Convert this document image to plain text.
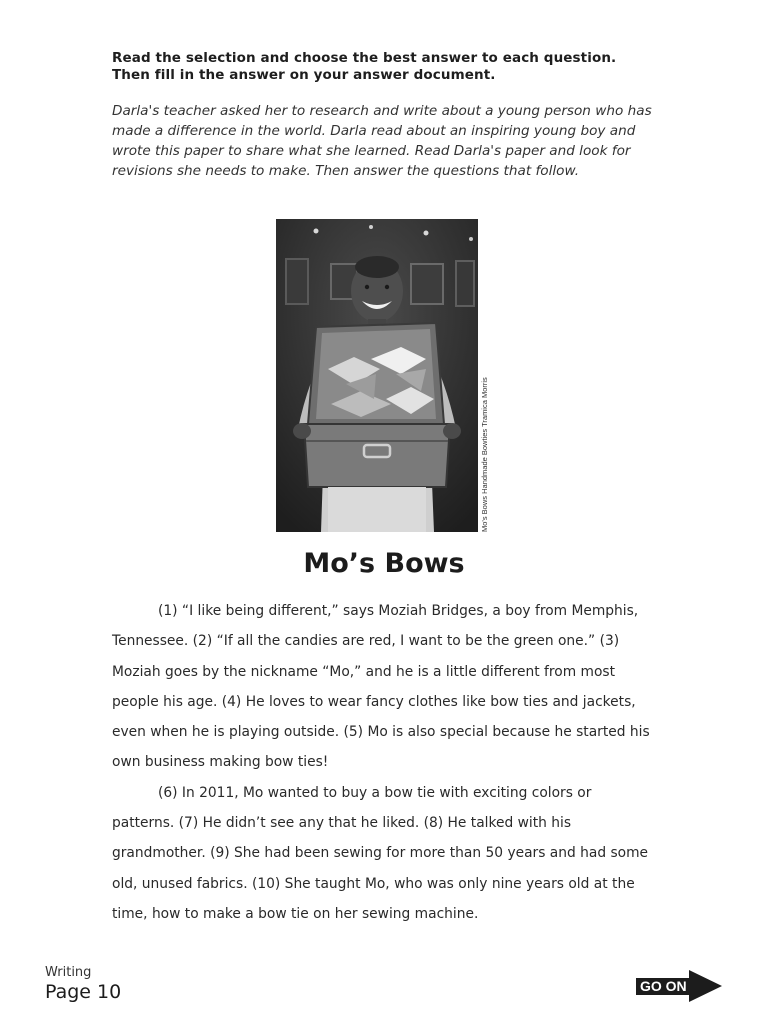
Read the selection and choose the best answer to each question.
Then fill in the answer on your answer document.
Darla's teacher asked her to research and write about a young person who has made a difference in the world. Darla read about an inspiring young boy and wrote this paper to share what she learned. Read Darla's paper and look for revisions she needs to make. Then answer the questions that follow.
Mo's Bows Handmade Bowties Tramica Morris
Mo’s Bows

(1) “I like being different,” says Moziah Bridges, a boy from Memphis, Tennessee. (2) “If all the candies are red, I want to be the green one.” (3) Moziah goes by the nickname “Mo,” and he is a little different from most people his age. (4) He loves to wear fancy clothes like bow ties and jackets, even when he is playing outside. (5) Mo is also special because he started his own business making bow ties!

(6) In 2011, Mo wanted to buy a bow tie with exciting colors or patterns. (7) He didn’t see any that he liked. (8) He talked with his grandmother. (9) She had been sewing for more than 50 years and had some old, unused fabrics. (10) She taught Mo, who was only nine years old at the time, how to make a bow tie on her sewing machine.

Writing
Page 10	GO ON
